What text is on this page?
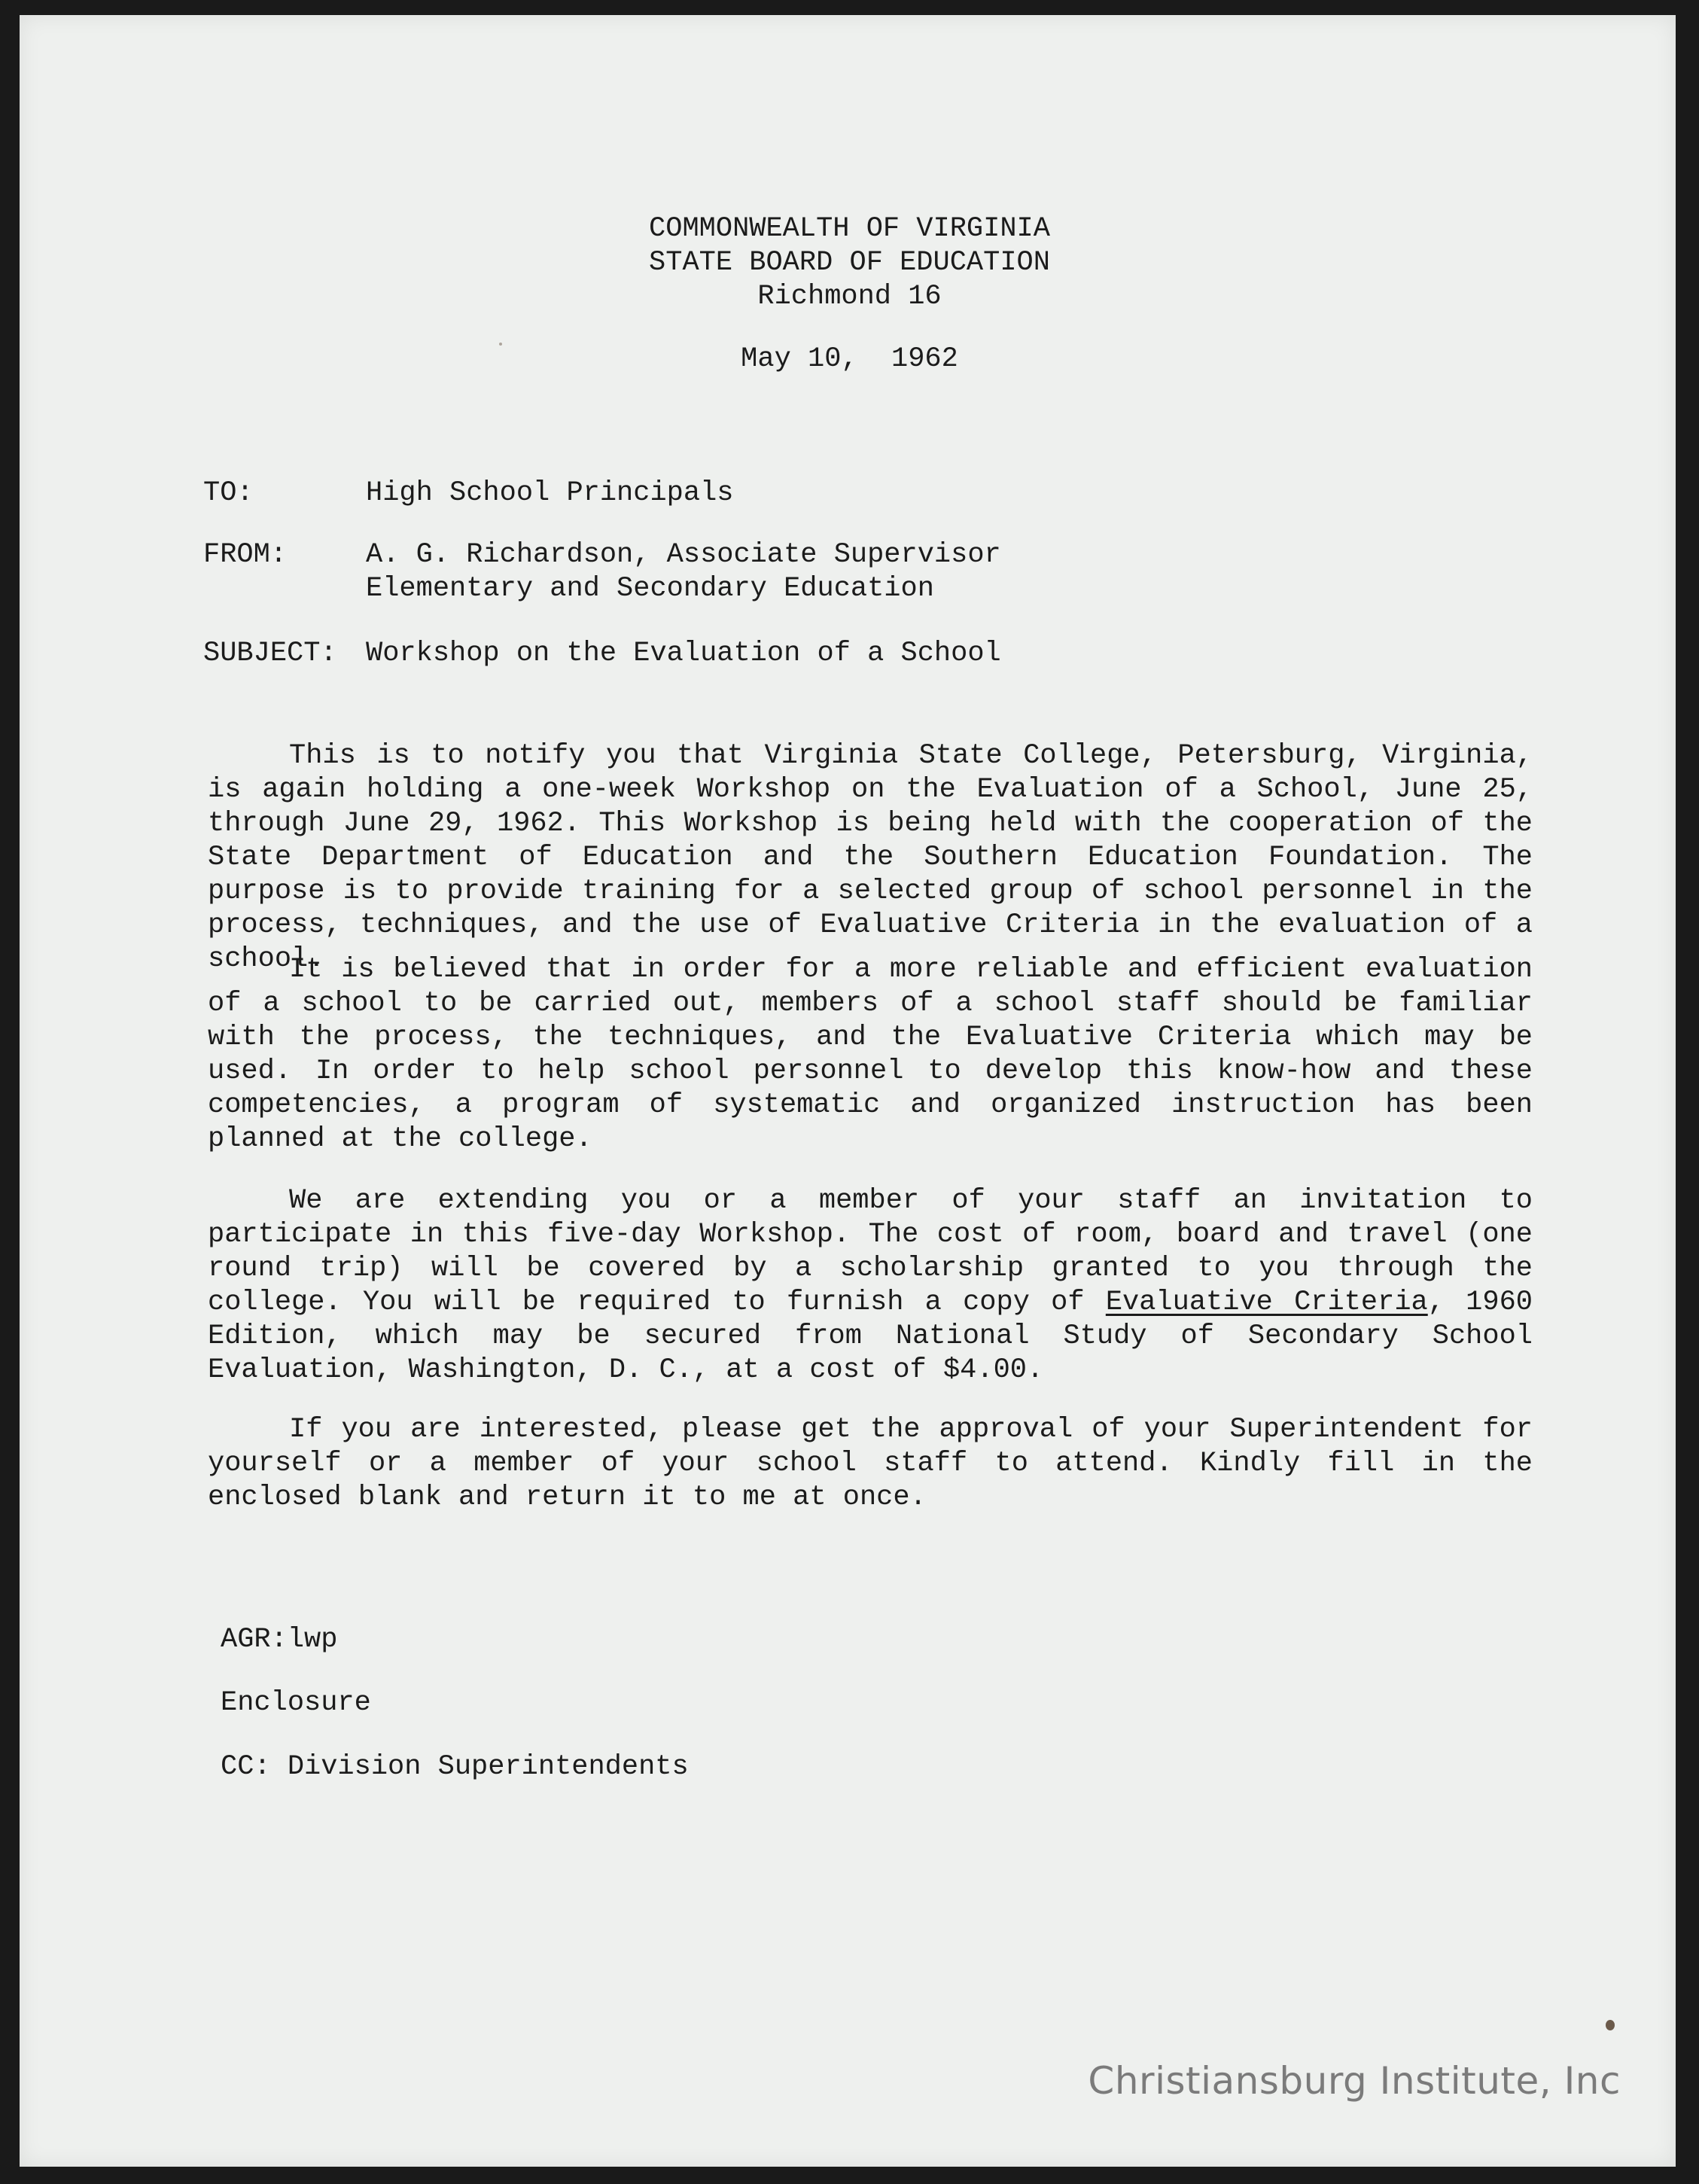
COMMONWEALTH OF VIRGINIA
STATE BOARD OF EDUCATION
Richmond 16
May 10,  1962
TO:	High School Principals
FROM:	A. G. Richardson, Associate Supervisor
Elementary and Secondary Education
SUBJECT: Workshop on the Evaluation of a School
This is to notify you that Virginia State College, Petersburg, Virginia, is again holding a one-week Workshop on the Evaluation of a School, June 25, through June 29, 1962. This Workshop is being held with the cooperation of the State Department of Education and the Southern Education Foundation. The purpose is to provide training for a selected group of school personnel in the process, techniques, and the use of Evaluative Criteria in the evaluation of a school.
It is believed that in order for a more reliable and efficient evaluation of a school to be carried out, members of a school staff should be familiar with the process, the techniques, and the Evaluative Criteria which may be used. In order to help school personnel to develop this know-how and these competencies, a program of systematic and organized instruction has been planned at the college.
We are extending you or a member of your staff an invitation to participate in this five-day Workshop. The cost of room, board and travel (one round trip) will be covered by a scholarship granted to you through the college. You will be required to furnish a copy of Evaluative Criteria, 1960 Edition, which may be secured from National Study of Secondary School Evaluation, Washington, D. C., at a cost of $4.00.
If you are interested, please get the approval of your Superintendent for yourself or a member of your school staff to attend. Kindly fill in the enclosed blank and return it to me at once.
AGR:lwp
Enclosure
CC: Division Superintendents
Christiansburg Institute, Inc
